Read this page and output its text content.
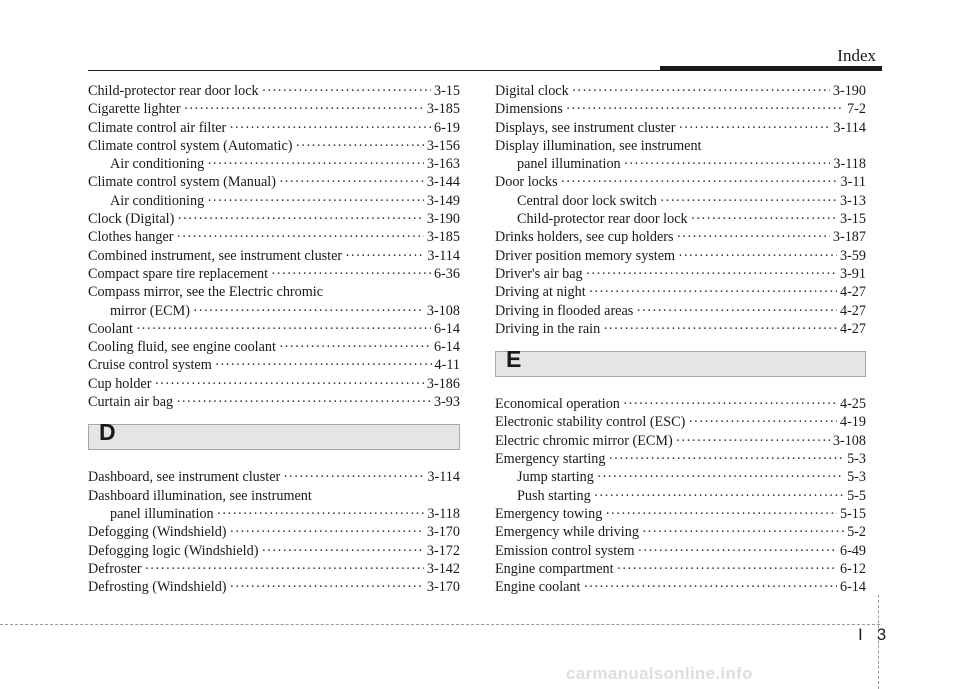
Index
Child-protector rear door lock ·····	3-15
Cigarette lighter ·····	3-185
Climate control air filter ·····	6-19
Climate control system (Automatic) ·····	3-156
Air conditioning ·····	3-163
Climate control system (Manual) ·····	3-144
Air conditioning ·····	3-149
Clock (Digital) ·····	3-190
Clothes hanger ·····	3-185
Combined instrument, see instrument cluster ·····	3-114
Compact spare tire replacement ·····	6-36
Compass mirror, see the Electric chromic
mirror (ECM) ·····	3-108
Coolant ·····	6-14
Cooling fluid, see engine coolant ·····	6-14
Cruise control system ·····	4-11
Cup holder ·····	3-186
Curtain air bag ·····	3-93
D
Dashboard, see instrument cluster ·····	3-114
Dashboard illumination, see instrument
panel illumination ·····	3-118
Defogging (Windshield) ·····	3-170
Defogging logic (Windshield) ·····	3-172
Defroster ·····	3-142
Defrosting (Windshield) ·····	3-170
Digital clock ·····	3-190
Dimensions ·····	7-2
Displays, see instrument cluster ·····	3-114
Display illumination, see instrument
panel illumination ·····	3-118
Door locks ·····	3-11
Central door lock switch ·····	3-13
Child-protector rear door lock ·····	3-15
Drinks holders, see cup holders ·····	3-187
Driver position memory system ·····	3-59
Driver's air bag ·····	3-91
Driving at night ·····	4-27
Driving in flooded areas ·····	4-27
Driving in the rain ·····	4-27
E
Economical operation ·····	4-25
Electronic stability control (ESC) ·····	4-19
Electric chromic mirror (ECM) ·····	3-108
Emergency starting ·····	5-3
Jump starting ·····	5-3
Push starting ·····	5-5
Emergency towing ·····	5-15
Emergency while driving ·····	5-2
Emission control system ·····	6-49
Engine compartment ·····	6-12
Engine coolant ·····	6-14
I 3
carmanualsonline.info
